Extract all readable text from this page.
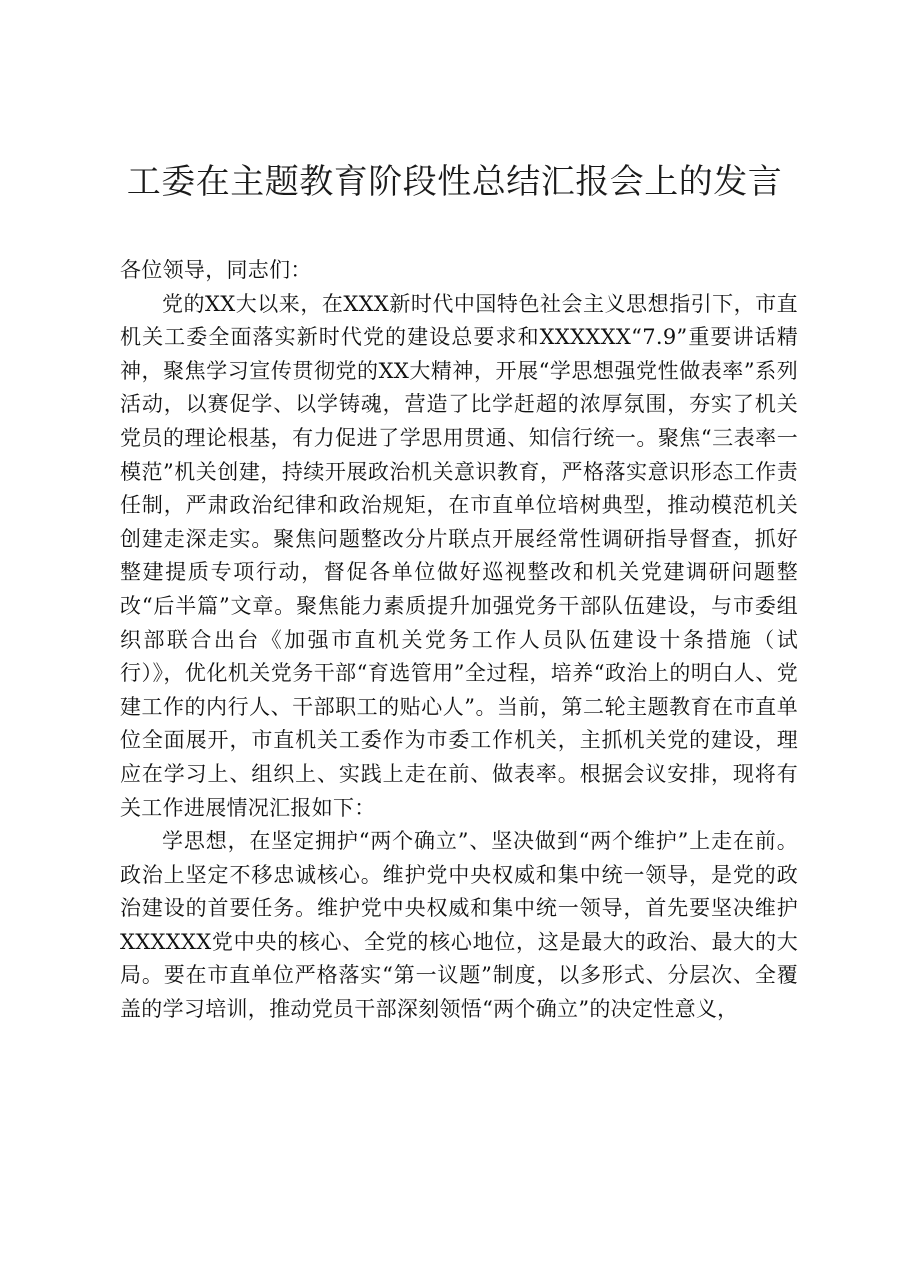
工委在主题教育阶段性总结汇报会上的发言

各位领导，同志们：

党的XX大以来，在XXX新时代中国特色社会主义思想指引下，市直机关工委全面落实新时代党的建设总要求和XXXXXX“7.9”重要讲话精神，聚焦学习宣传贯彻党的XX大精神，开展“学思想强党性做表率”系列活动，以赛促学、以学铸魂，营造了比学赶超的浓厚氛围，夯实了机关党员的理论根基，有力促进了学思用贯通、知信行统一。聚焦“三表率一模范”机关创建，持续开展政治机关意识教育，严格落实意识形态工作责任制，严肃政治纪律和政治规矩，在市直单位培树典型，推动模范机关创建走深走实。聚焦问题整改分片联点开展经常性调研指导督查，抓好整建提质专项行动，督促各单位做好巡视整改和机关党建调研问题整改“后半篇”文章。聚焦能力素质提升加强党务干部队伍建设，与市委组织部联合出台《加强市直机关党务工作人员队伍建设十条措施（试行）》，优化机关党务干部“育选管用”全过程，培养“政治上的明白人、党建工作的内行人、干部职工的贴心人”。当前，第二轮主题教育在市直单位全面展开，市直机关工委作为市委工作机关，主抓机关党的建设，理应在学习上、组织上、实践上走在前、做表率。根据会议安排，现将有关工作进展情况汇报如下：

学思想，在坚定拥护“两个确立”、坚决做到“两个维护”上走在前。政治上坚定不移忠诚核心。维护党中央权威和集中统一领导，是党的政治建设的首要任务。维护党中央权威和集中统一领导，首先要坚决维护XXXXXX党中央的核心、全党的核心地位，这是最大的政治、最大的大局。要在市直单位严格落实“第一议题”制度，以多形式、分层次、全覆盖的学习培训，推动党员干部深刻领悟“两个确立”的决定性意义，
